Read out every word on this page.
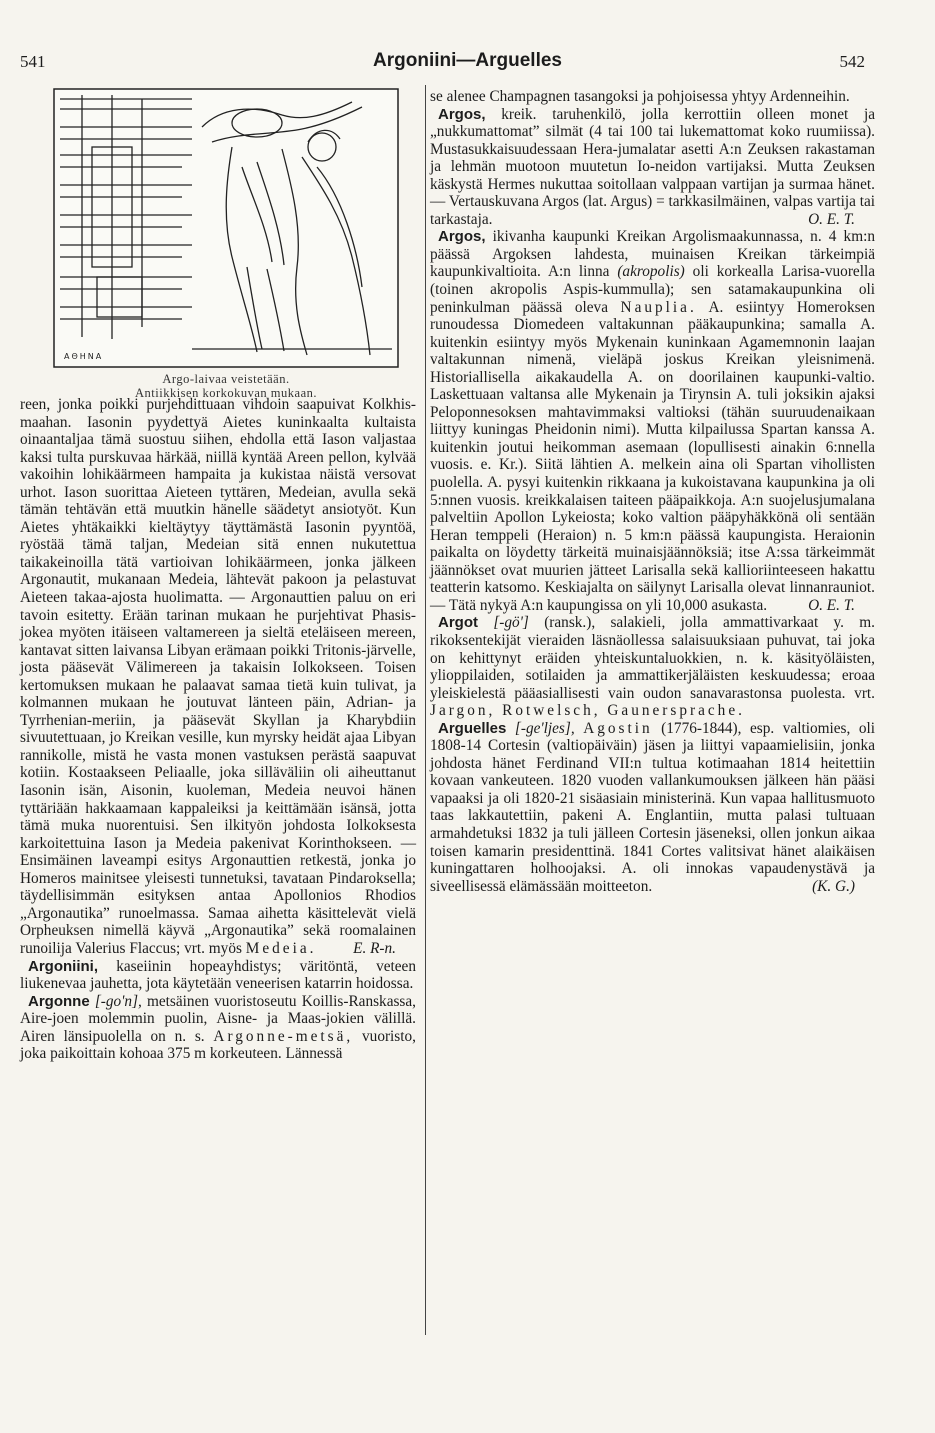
541	Argoniini—Arguelles	542
ΑΘΗΝΑ

Argo-laivaa veistetään.

Antiikkisen korkokuvan mukaan.

reen, jonka poikki purjehdittuaan vihdoin saapuivat Kolkhis-maahan. Iasonin pyydettyä Aietes kuninkaalta kultaista oinaantaljaa tämä suostuu siihen, ehdolla että Iason valjastaa kaksi tulta purskuvaa härkää, niillä kyntää Areen pellon, kylvää vakoihin lohikäärmeen hampaita ja kukistaa näistä versovat urhot. Iason suorittaa Aieteen tyttären, Medeian, avulla sekä tämän tehtävän että muutkin hänelle säädetyt ansiotyöt. Kun Aietes yhtäkaikki kieltäytyy täyttämästä Iasonin pyyntöä, ryöstää tämä taljan, Medeian sitä ennen nukutettua taikakeinoilla tätä vartioivan lohikäärmeen, jonka jälkeen Argonautit, mukanaan Medeia, lähtevät pakoon ja pelastuvat Aieteen takaa-ajosta huolimatta. — Argonauttien paluu on eri tavoin esitetty. Erään tarinan mukaan he purjehtivat Phasis-jokea myöten itäiseen valtamereen ja sieltä eteläiseen mereen, kantavat sitten laivansa Libyan erämaan poikki Tritonis-järvelle, josta pääsevät Välimereen ja takaisin Iolkokseen. Toisen kertomuksen mukaan he palaavat samaa tietä kuin tulivat, ja kolmannen mukaan he joutuvat länteen päin, Adrian- ja Tyrrhenian-meriin, ja pääsevät Skyllan ja Kharybdiin sivuutettuaan, jo Kreikan vesille, kun myrsky heidät ajaa Libyan rannikolle, mistä he vasta monen vastuksen perästä saapuvat kotiin. Kostaakseen Peliaalle, joka silläväliin oli aiheuttanut Iasonin isän, Aisonin, kuoleman, Medeia neuvoi hänen tyttäriään hakkaamaan kappaleiksi ja keittämään isänsä, jotta tämä muka nuorentuisi. Sen ilkityön johdosta Iolkoksesta karkoitettuina Iason ja Medeia pakenivat Korinthokseen. — Ensimäinen laveampi esitys Argonauttien retkestä, jonka jo Homeros mainitsee yleisesti tunnetuksi, tavataan Pindaroksella; täydellisimmän esityksen antaa Apollonios Rhodios „Argonautika” runoelmassa. Samaa aihetta käsittelevät vielä Orpheuksen nimellä käyvä „Argonautika” sekä roomalainen runoilija Valerius Flaccus; vrt. myös Medeia. E. R-n.

Argoniini, kaseiinin hopeayhdistys; väritöntä, veteen liukenevaa jauhetta, jota käytetään veneerisen katarrin hoidossa.

Argonne [-go'n], metsäinen vuoristoseutu Koillis-Ranskassa, Aire-joen molemmin puolin, Aisne- ja Maas-jokien välillä. Airen länsipuolella on n. s. Argonne-metsä, vuoristo, joka paikoittain kohoaa 375 m korkeuteen. Lännessä

se alenee Champagnen tasangoksi ja pohjoisessa yhtyy Ardenneihin.

Argos, kreik. taruhenkilö, jolla kerrottiin olleen monet ja „nukkumattomat” silmät (4 tai 100 tai lukemattomat koko ruumiissa). Mustasukkaisuudessaan Hera-jumalatar asetti A:n Zeuksen rakastaman ja lehmän muotoon muutetun Io-neidon vartijaksi. Mutta Zeuksen käskystä Hermes nukuttaa soitollaan valppaan vartijan ja surmaa hänet. — Vertauskuvana Argos (lat. Argus) = tarkkasilmäinen, valpas vartija tai tarkastaja.	O. E. T.

Argos, ikivanha kaupunki Kreikan Argolismaakunnassa, n. 4 km:n päässä Argoksen lahdesta, muinaisen Kreikan tärkeimpiä kaupunkivaltioita. A:n linna (akropolis) oli korkealla Larisa-vuorella (toinen akropolis Aspis-kummulla); sen satamakaupunkina oli peninkulman päässä oleva Nauplia. A. esiintyy Homeroksen runoudessa Diomedeen valtakunnan pääkaupunkina; samalla A. kuitenkin esiintyy myös Mykenain kuninkaan Agamemnonin laajan valtakunnan nimenä, vieläpä joskus Kreikan yleisnimenä. Historiallisella aikakaudella A. on doorilainen kaupunki-valtio. Laskettuaan valtansa alle Mykenain ja Tirynsin A. tuli joksikin ajaksi Peloponnesoksen mahtavimmaksi valtioksi (tähän suuruudenaikaan liittyy kuningas Pheidonin nimi). Mutta kilpailussa Spartan kanssa A. kuitenkin joutui heikomman asemaan (lopullisesti ainakin 6:nnella vuosis. e. Kr.). Siitä lähtien A. melkein aina oli Spartan vihollisten puolella. A. pysyi kuitenkin rikkaana ja kukoistavana kaupunkina ja oli 5:nnen vuosis. kreikkalaisen taiteen pääpaikkoja. A:n suojelusjumalana palveltiin Apollon Lykeiosta; koko valtion pääpyhäkkönä oli sentään Heran temppeli (Heraion) n. 5 km:n päässä kaupungista. Heraionin paikalta on löydetty tärkeitä muinaisjäännöksiä; itse A:ssa tärkeimmät jäännökset ovat muurien jätteet Larisalla sekä kallioriinteeseen hakattu teatterin katsomo. Keskiajalta on säilynyt Larisalla olevat linnanrauniot. — Tätä nykyä A:n kaupungissa on yli 10,000 asukasta.	O. E. T.

Argot [-gö'] (ransk.), salakieli, jolla ammattivarkaat y. m. rikoksentekijät vieraiden läsnäollessa salaisuuksiaan puhuvat, tai joka on kehittynyt eräiden yhteiskuntaluokkien, n. k. käsityöläisten, ylioppilaiden, sotilaiden ja ammattikerjäläisten keskuudessa; eroaa yleiskielestä pääasiallisesti vain oudon sanavarastonsa puolesta. vrt. Jargon, Rotwelsch, Gaunersprache.

Arguelles [-ge'ljes], Agostin (1776-1844), esp. valtiomies, oli 1808-14 Cortesin (valtiopäiväin) jäsen ja liittyi vapaamielisiin, jonka johdosta hänet Ferdinand VII:n tultua kotimaahan 1814 heitettiin kovaan vankeuteen. 1820 vuoden vallankumouksen jälkeen hän pääsi vapaaksi ja oli 1820-21 sisäasiain ministerinä. Kun vapaa hallitusmuoto taas lakkautettiin, pakeni A. Englantiin, mutta palasi tultuaan armahdetuksi 1832 ja tuli jälleen Cortesin jäseneksi, ollen jonkun aikaa toisen kamarin presidenttinä. 1841 Cortes valitsivat hänet alaikäisen kuningattaren holhoojaksi. A. oli innokas vapaudenystävä ja siveellisessä elämässään moitteeton.	(K. G.)
